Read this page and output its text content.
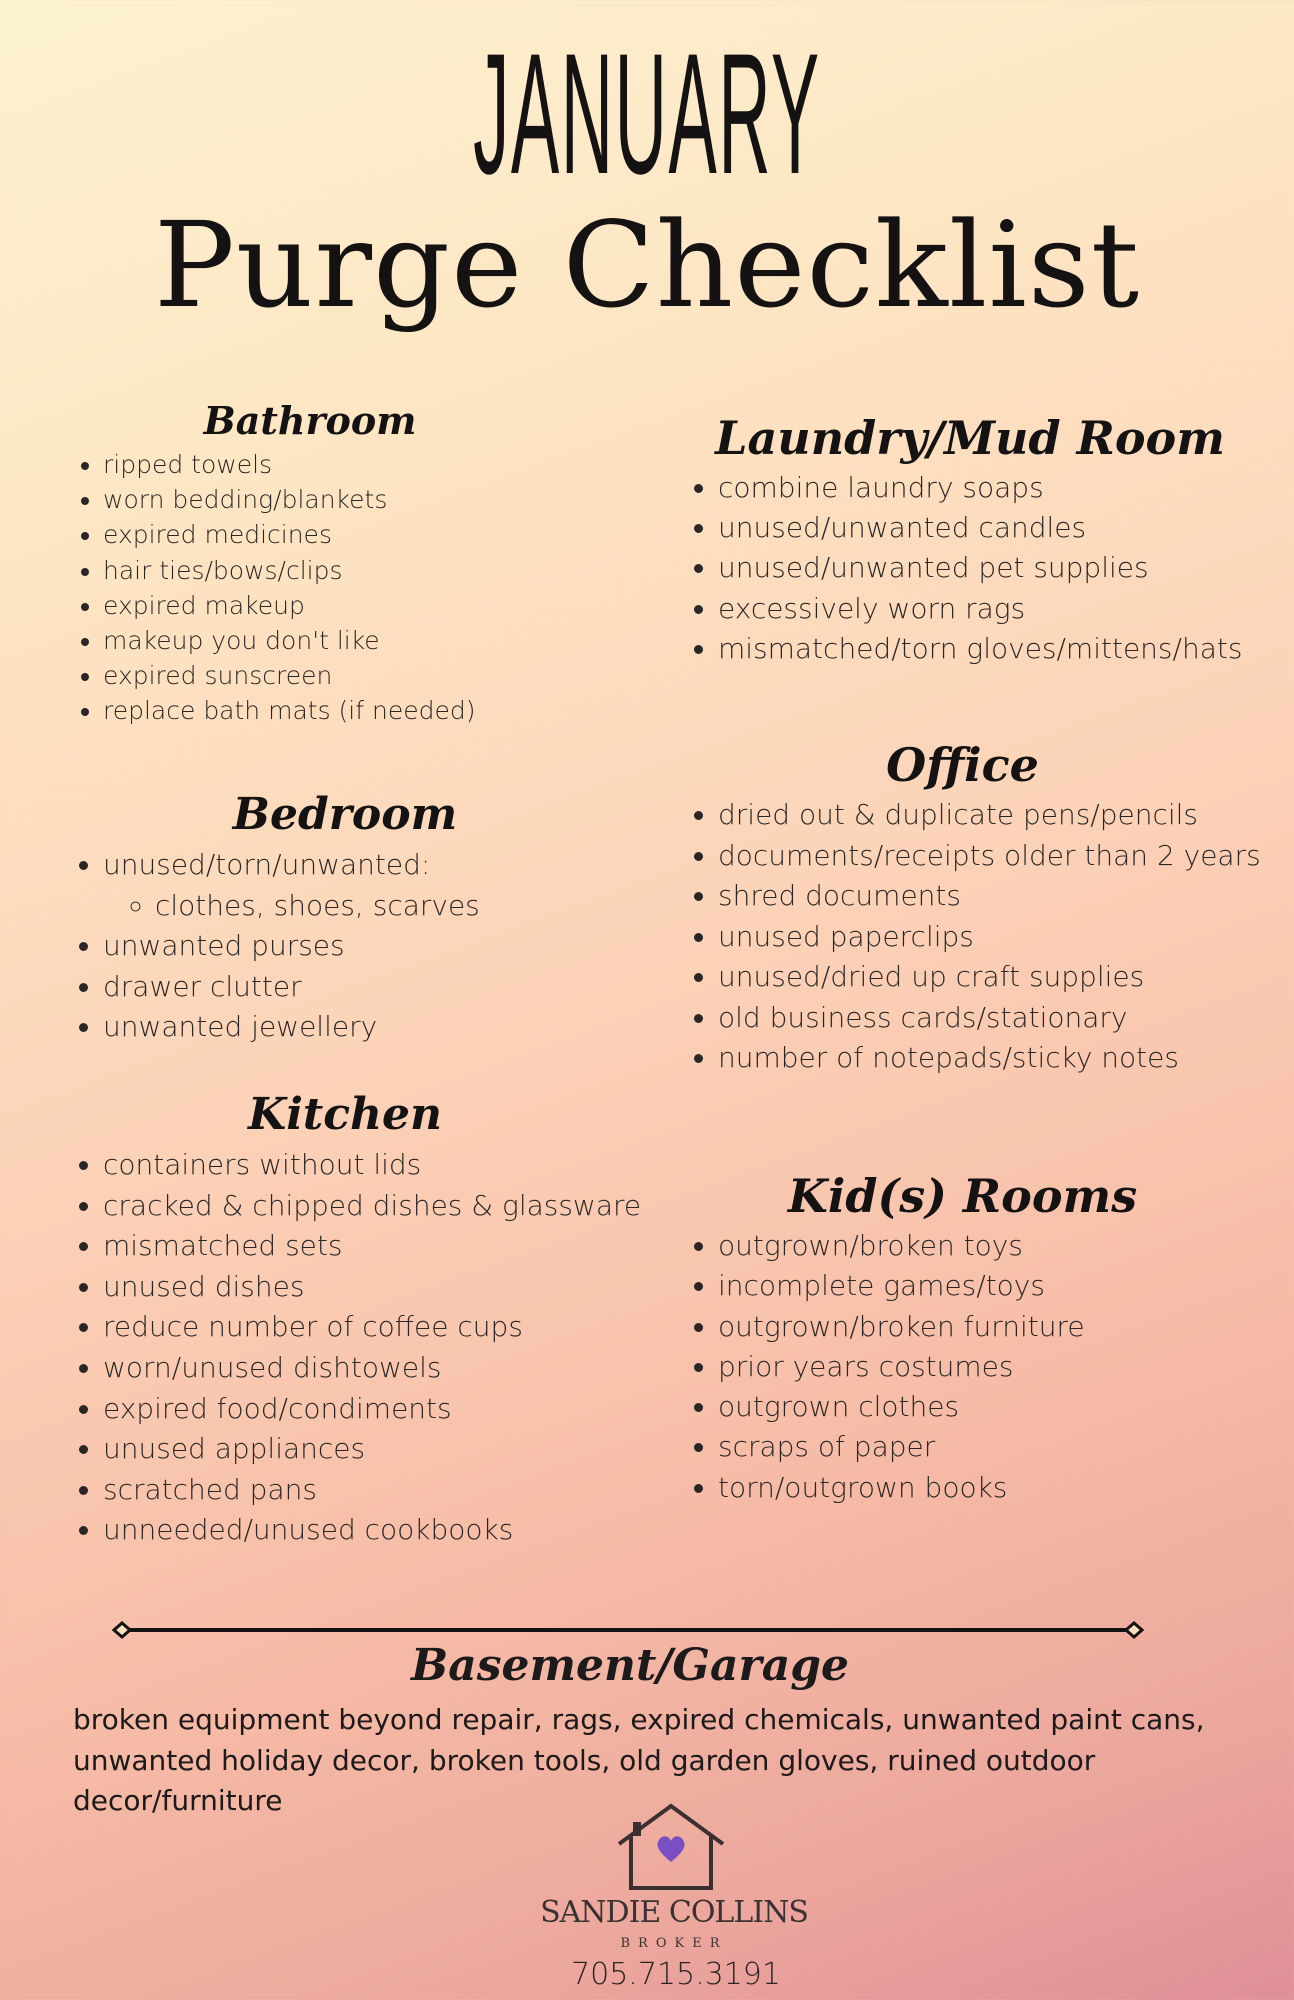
JANUARY
Purge Checklist
Bathroom
• ripped towels
• worn bedding/blankets
• expired medicines
• hair ties/bows/clips
• expired makeup
• makeup you don't like
• expired sunscreen
• replace bath mats (if needed)
Bedroom
• unused/torn/unwanted:
◦ clothes, shoes, scarves
• unwanted purses
• drawer clutter
• unwanted jewellery
Kitchen
• containers without lids
• cracked & chipped dishes & glassware
• mismatched sets
• unused dishes
• reduce number of coffee cups
• worn/unused dishtowels
• expired food/condiments
• unused appliances
• scratched pans
• unneeded/unused cookbooks
Laundry/Mud Room
• combine laundry soaps
• unused/unwanted candles
• unused/unwanted pet supplies
• excessively worn rags
• mismatched/torn gloves/mittens/hats
Office
• dried out & duplicate pens/pencils
• documents/receipts older than 2 years
• shred documents
• unused paperclips
• unused/dried up craft supplies
• old business cards/stationary
• number of notepads/sticky notes
Kid(s) Rooms
• outgrown/broken toys
• incomplete games/toys
• outgrown/broken furniture
• prior years costumes
• outgrown clothes
• scraps of paper
• torn/outgrown books
Basement/Garage

broken equipment beyond repair, rags, expired chemicals, unwanted paint cans, unwanted holiday decor, broken tools, old garden gloves, ruined outdoor decor/furniture

SANDIE COLLINS

BROKER

705.715.3191
